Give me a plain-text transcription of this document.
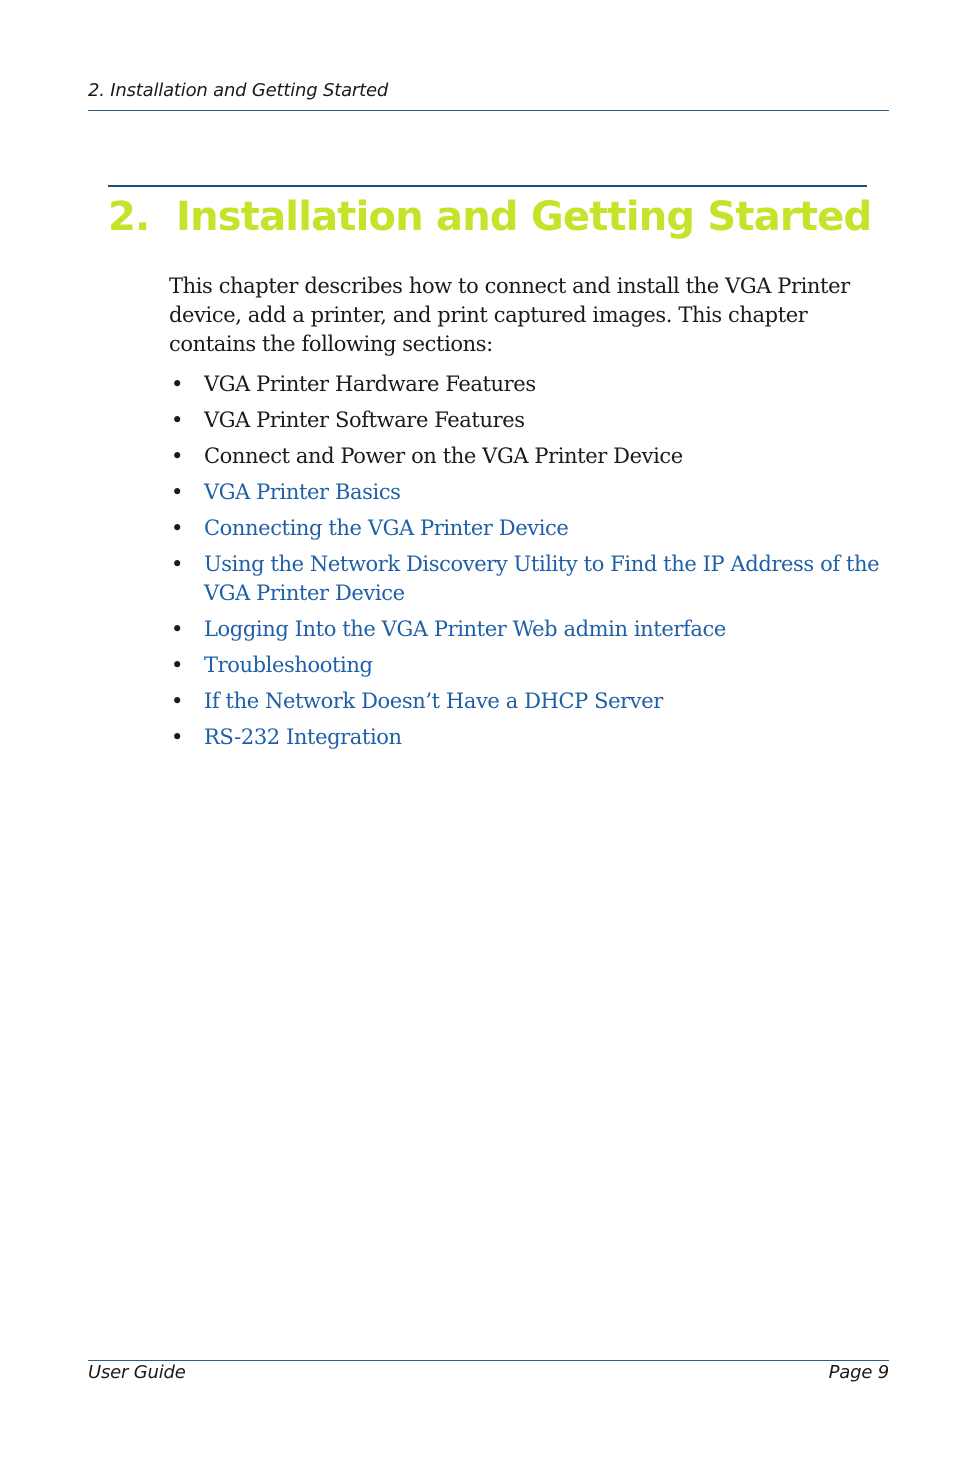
2. Installation and Getting Started
2. Installation and Getting Started

This chapter describes how to connect and install the VGA Printer device, add a printer, and print captured images. This chapter contains the following sections:

• VGA Printer Hardware Features
• VGA Printer Software Features
• Connect and Power on the VGA Printer Device
• VGA Printer Basics
• Connecting the VGA Printer Device
• Using the Network Discovery Utility to Find the IP Address of the VGA Printer Device
• Logging Into the VGA Printer Web admin interface
• Troubleshooting
• If the Network Doesn’t Have a DHCP Server
• RS-232 Integration
User Guide	Page 9
